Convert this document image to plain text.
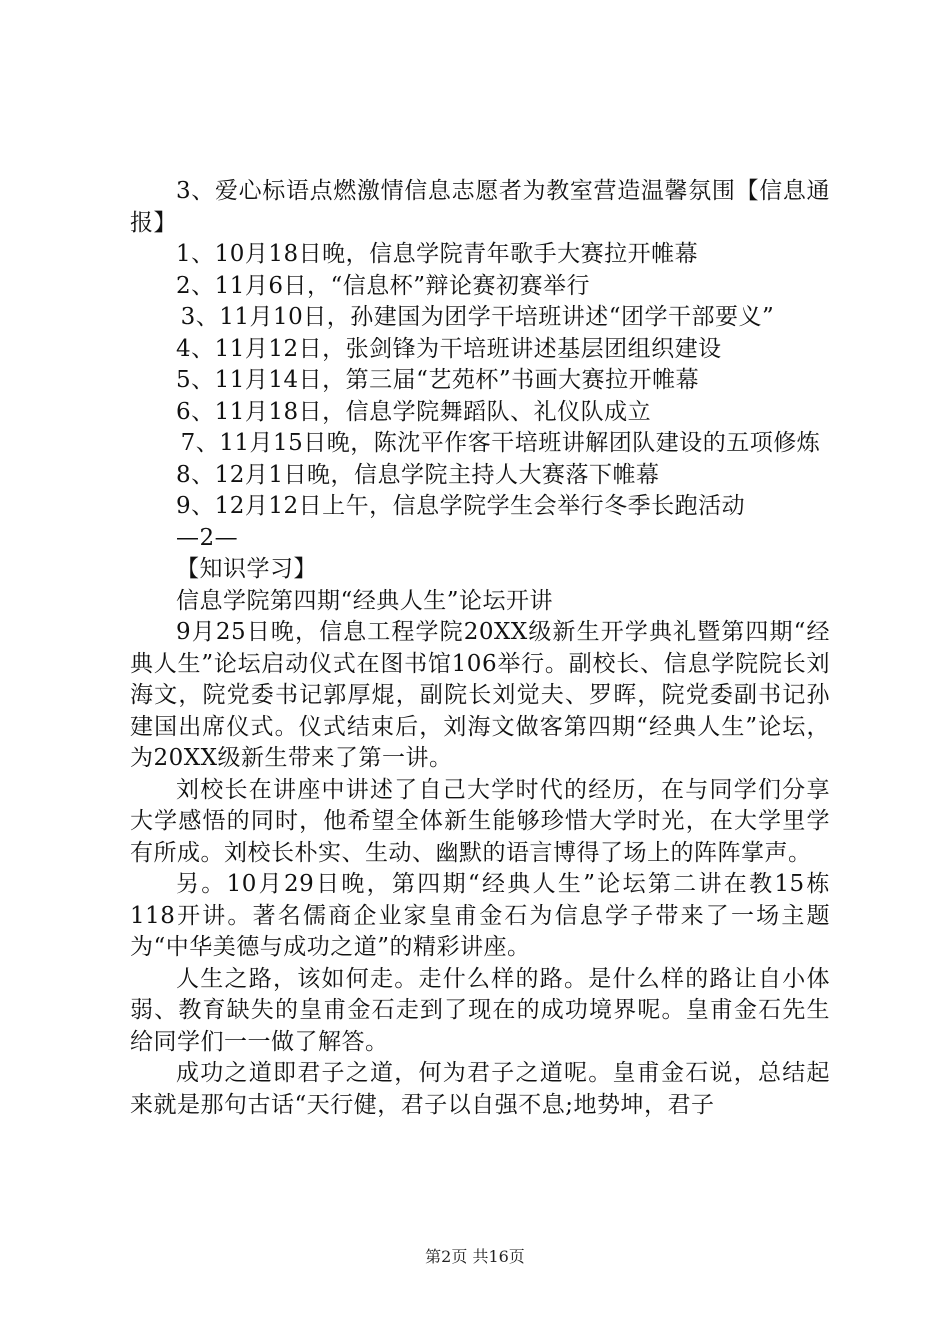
3、爱心标语点燃激情信息志愿者为教室营造温馨氛围【信息通报】

1、10月18日晚，信息学院青年歌手大赛拉开帷幕

2、11月6日，“信息杯”辩论赛初赛举行

3、11月10日，孙建国为团学干培班讲述“团学干部要义”

4、11月12日，张剑锋为干培班讲述基层团组织建设

5、11月14日，第三届“艺苑杯”书画大赛拉开帷幕

6、11月18日，信息学院舞蹈队、礼仪队成立

7、11月15日晚，陈沈平作客干培班讲解团队建设的五项修炼

8、12月1日晚，信息学院主持人大赛落下帷幕

9、12月12日上午，信息学院学生会举行冬季长跑活动

—2—

【知识学习】

信息学院第四期“经典人生”论坛开讲

9月25日晚，信息工程学院20XX级新生开学典礼暨第四期“经典人生”论坛启动仪式在图书馆106举行。副校长、信息学院院长刘海文，院党委书记郭厚焜，副院长刘觉夫、罗晖，院党委副书记孙建国出席仪式。仪式结束后，刘海文做客第四期“经典人生”论坛，为20XX级新生带来了第一讲。

刘校长在讲座中讲述了自己大学时代的经历，在与同学们分享大学感悟的同时，他希望全体新生能够珍惜大学时光，在大学里学有所成。刘校长朴实、生动、幽默的语言博得了场上的阵阵掌声。

另。10月29日晚，第四期“经典人生”论坛第二讲在教15栋118开讲。著名儒商企业家皇甫金石为信息学子带来了一场主题为“中华美德与成功之道”的精彩讲座。

人生之路，该如何走。走什么样的路。是什么样的路让自小体弱、教育缺失的皇甫金石走到了现在的成功境界呢。皇甫金石先生给同学们一一做了解答。

成功之道即君子之道，何为君子之道呢。皇甫金石说，总结起来就是那句古话“天行健，君子以自强不息;地势坤，君子

第2页 共16页
